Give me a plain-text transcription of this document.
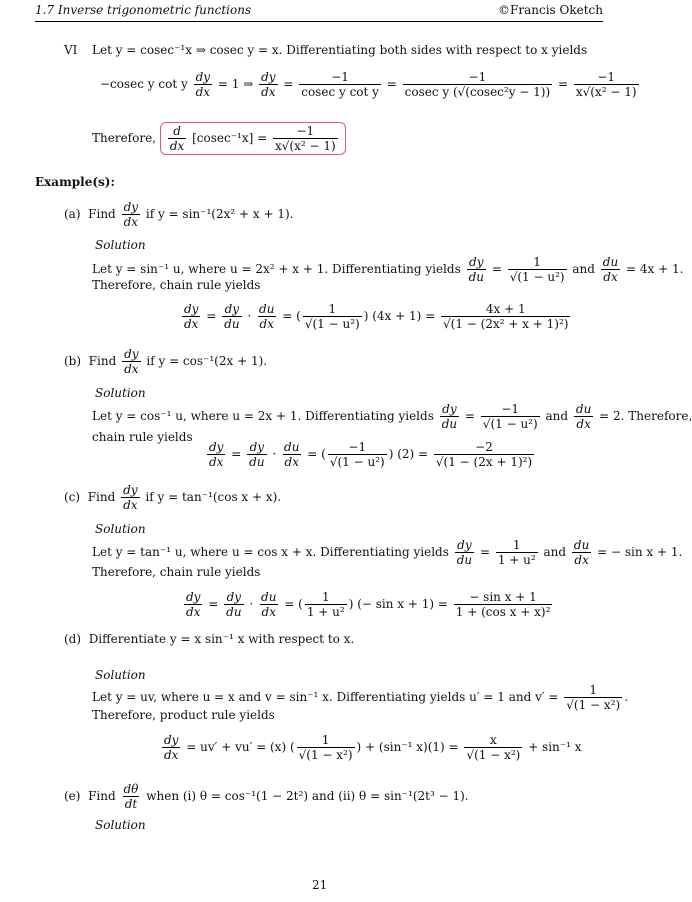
1.7 Inverse trigonometric functions	©Francis Oketch
VI Let y = cosec⁻¹x ⇒ cosec y = x. Differentiating both sides with respect to x yields
−cosec y cot y $\frac{dy}{dx} = 1$ ⇒ $\frac{dy}{dx} = \frac{-1}{\text{cosec y cot y}} = \frac{-1}{\text{cosec y (√(cosec²y − 1))}} = \frac{-1}{\text{x√(x² − 1)}}$
Therefore, $\frac{d}{dx} [cosec^{-1}x] = \frac{-1}{\text{x√(x² − 1)}}$
Example(s):
(a)  Find $\frac{dy}{dx}$ if y = sin⁻¹(2x² + x + 1).
Solution
Let y = sin⁻¹ u, where u = 2x² + x + 1. Differentiating yields $\frac{dy}{du} = \frac{1}{\text{√(1 − u²)}}$ and $\frac{du}{dx} = 4x + 1$.
Therefore, chain rule yields
$\frac{dy}{dx} = \frac{dy}{du} \cdot \frac{du}{dx}$ = ( $\frac{1}{\text{√(1 − u²)}}$ ) $(4x + 1) = \frac{4x + 1}{\text{√(1 − (2x² + x + 1)²)}}$
(b)  Find $\frac{dy}{dx}$ if y = cos⁻¹(2x + 1).
Solution
Let y = cos⁻¹ u, where u = 2x + 1. Differentiating yields $\frac{dy}{du} = \frac{-1}{\text{√(1 − u²)}}$ and $\frac{du}{dx} = 2$. Therefore,
chain rule yields
$\frac{dy}{dx} = \frac{dy}{du} \cdot \frac{du}{dx}$ = ( $\frac{-1}{\text{√(1 − u²)}}$ ) $(2) = \frac{-2}{\text{√(1 − (2x + 1)²)}}$
(c)  Find $\frac{dy}{dx}$ if y = tan⁻¹(cos x + x).
Solution
Let y = tan⁻¹ u, where u = cos x + x. Differentiating yields $\frac{dy}{du} = \frac{1}{\text{1 + u²}}$ and $\frac{du}{dx}$ = − sin x + 1.
Therefore, chain rule yields
$\frac{dy}{dx} = \frac{dy}{du} \cdot \frac{du}{dx}$ = ( $\frac{1}{\text{1 + u²}}$ ) (− $\sin x + 1) = \frac{\text{− sin x + 1}}{\text{1 + (cos x + x)²}}$
(d) Differentiate y = x sin⁻¹ x with respect to x.
Solution
Let y = uv, where u = x and v = sin⁻¹ x. Differentiating yields u′ = 1 and $v' = \frac{1}{\text{√(1 − x²)}}$ .
Therefore, product rule yields
$\frac{dy}{dx} = uv' + vu' = (x)$ ( $\frac{1}{\text{√(1 − x²)}}$ ) + (sin⁻¹ $x)(1) = \frac{x}{\text{√(1 − x²)}} + \sin^{-1}$ x
(e)  Find $\frac{d\theta}{dt}$ when (i) θ = cos⁻¹(1 − 2t²) and (ii) θ = sin⁻¹(2t³ − 1).
Solution
21
